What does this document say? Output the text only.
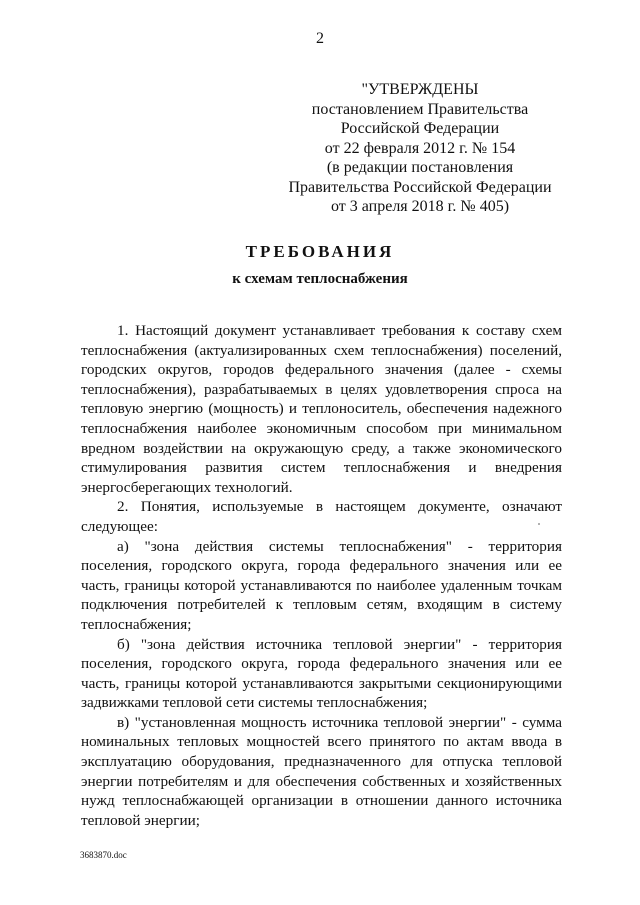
2
"УТВЕРЖДЕНЫ
постановлением Правительства
Российской Федерации
от 22 февраля 2012 г. № 154
(в редакции постановления
Правительства Российской Федерации
от 3 апреля 2018 г. № 405)
ТРЕБОВАНИЯ
к схемам теплоснабжения

1. Настоящий документ устанавливает требования к составу схем теплоснабжения (актуализированных схем теплоснабжения) поселений, городских округов, городов федерального значения (далее - схемы теплоснабжения), разрабатываемых в целях удовлетворения спроса на тепловую энергию (мощность) и теплоноситель, обеспечения надежного теплоснабжения наиболее экономичным способом при минимальном вредном воздействии на окружающую среду, а также экономического стимулирования развития систем теплоснабжения и внедрения энергосберегающих технологий.

2. Понятия, используемые в настоящем документе, означают следующее:

а) "зона действия системы теплоснабжения" - территория поселения, городского округа, города федерального значения или ее часть, границы которой устанавливаются по наиболее удаленным точкам подключения потребителей к тепловым сетям, входящим в систему теплоснабжения;

б) "зона действия источника тепловой энергии" - территория поселения, городского округа, города федерального значения или ее часть, границы которой устанавливаются закрытыми секционирующими задвижками тепловой сети системы теплоснабжения;

в) "установленная мощность источника тепловой энергии" - сумма номинальных тепловых мощностей всего принятого по актам ввода в эксплуатацию оборудования, предназначенного для отпуска тепловой энергии потребителям и для обеспечения собственных и хозяйственных нужд теплоснабжающей организации в отношении данного источника тепловой энергии;

3683870.doc
